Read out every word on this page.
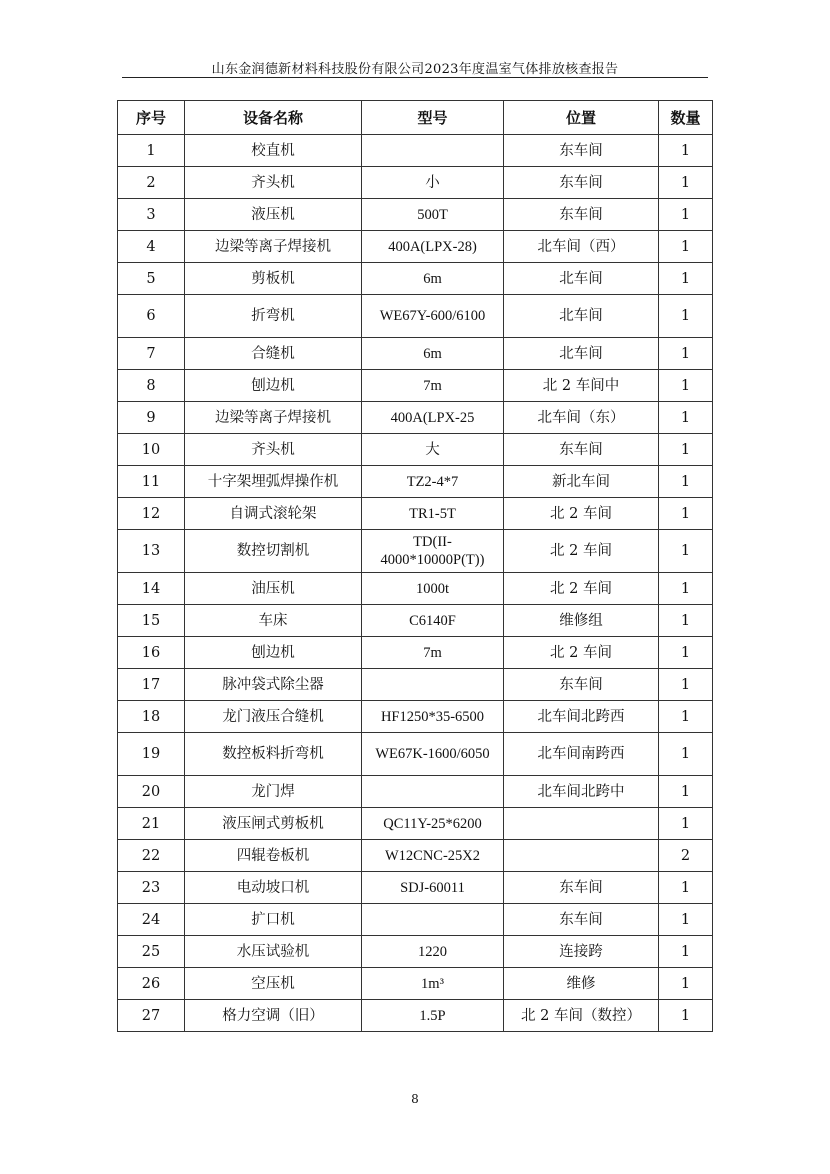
山东金润德新材料科技股份有限公司2023年度温室气体排放核查报告
序号	设备名称	型号	位置	数量
1	校直机		东车间	1
2	齐头机	小	东车间	1
3	液压机	500T	东车间	1
4	边梁等离子焊接机	400A(LPX-28)	北车间（西）	1
5	剪板机	6m	北车间	1
6	折弯机	WE67Y-600/6100	北车间	1
7	合缝机	6m	北车间	1
8	刨边机	7m	北 2 车间中	1
9	边梁等离子焊接机	400A(LPX-25	北车间（东）	1
10	齐头机	大	东车间	1
11	十字架埋弧焊操作机	TZ2-4*7	新北车间	1
12	自调式滚轮架	TR1-5T	北 2 车间	1
13	数控切割机	TD(II-4000*10000P(T))	北 2 车间	1
14	油压机	1000t	北 2 车间	1
15	车床	C6140F	维修组	1
16	刨边机	7m	北 2 车间	1
17	脉冲袋式除尘器		东车间	1
18	龙门液压合缝机	HF1250*35-6500	北车间北跨西	1
19	数控板料折弯机	WE67K-1600/6050	北车间南跨西	1
20	龙门焊		北车间北跨中	1
21	液压闸式剪板机	QC11Y-25*6200		1
22	四辊卷板机	W12CNC-25X2		2
23	电动坡口机	SDJ-60011	东车间	1
24	扩口机		东车间	1
25	水压试验机	1220	连接跨	1
26	空压机	1m³	维修	1
27	格力空调（旧）	1.5P	北 2 车间（数控）	1
8
